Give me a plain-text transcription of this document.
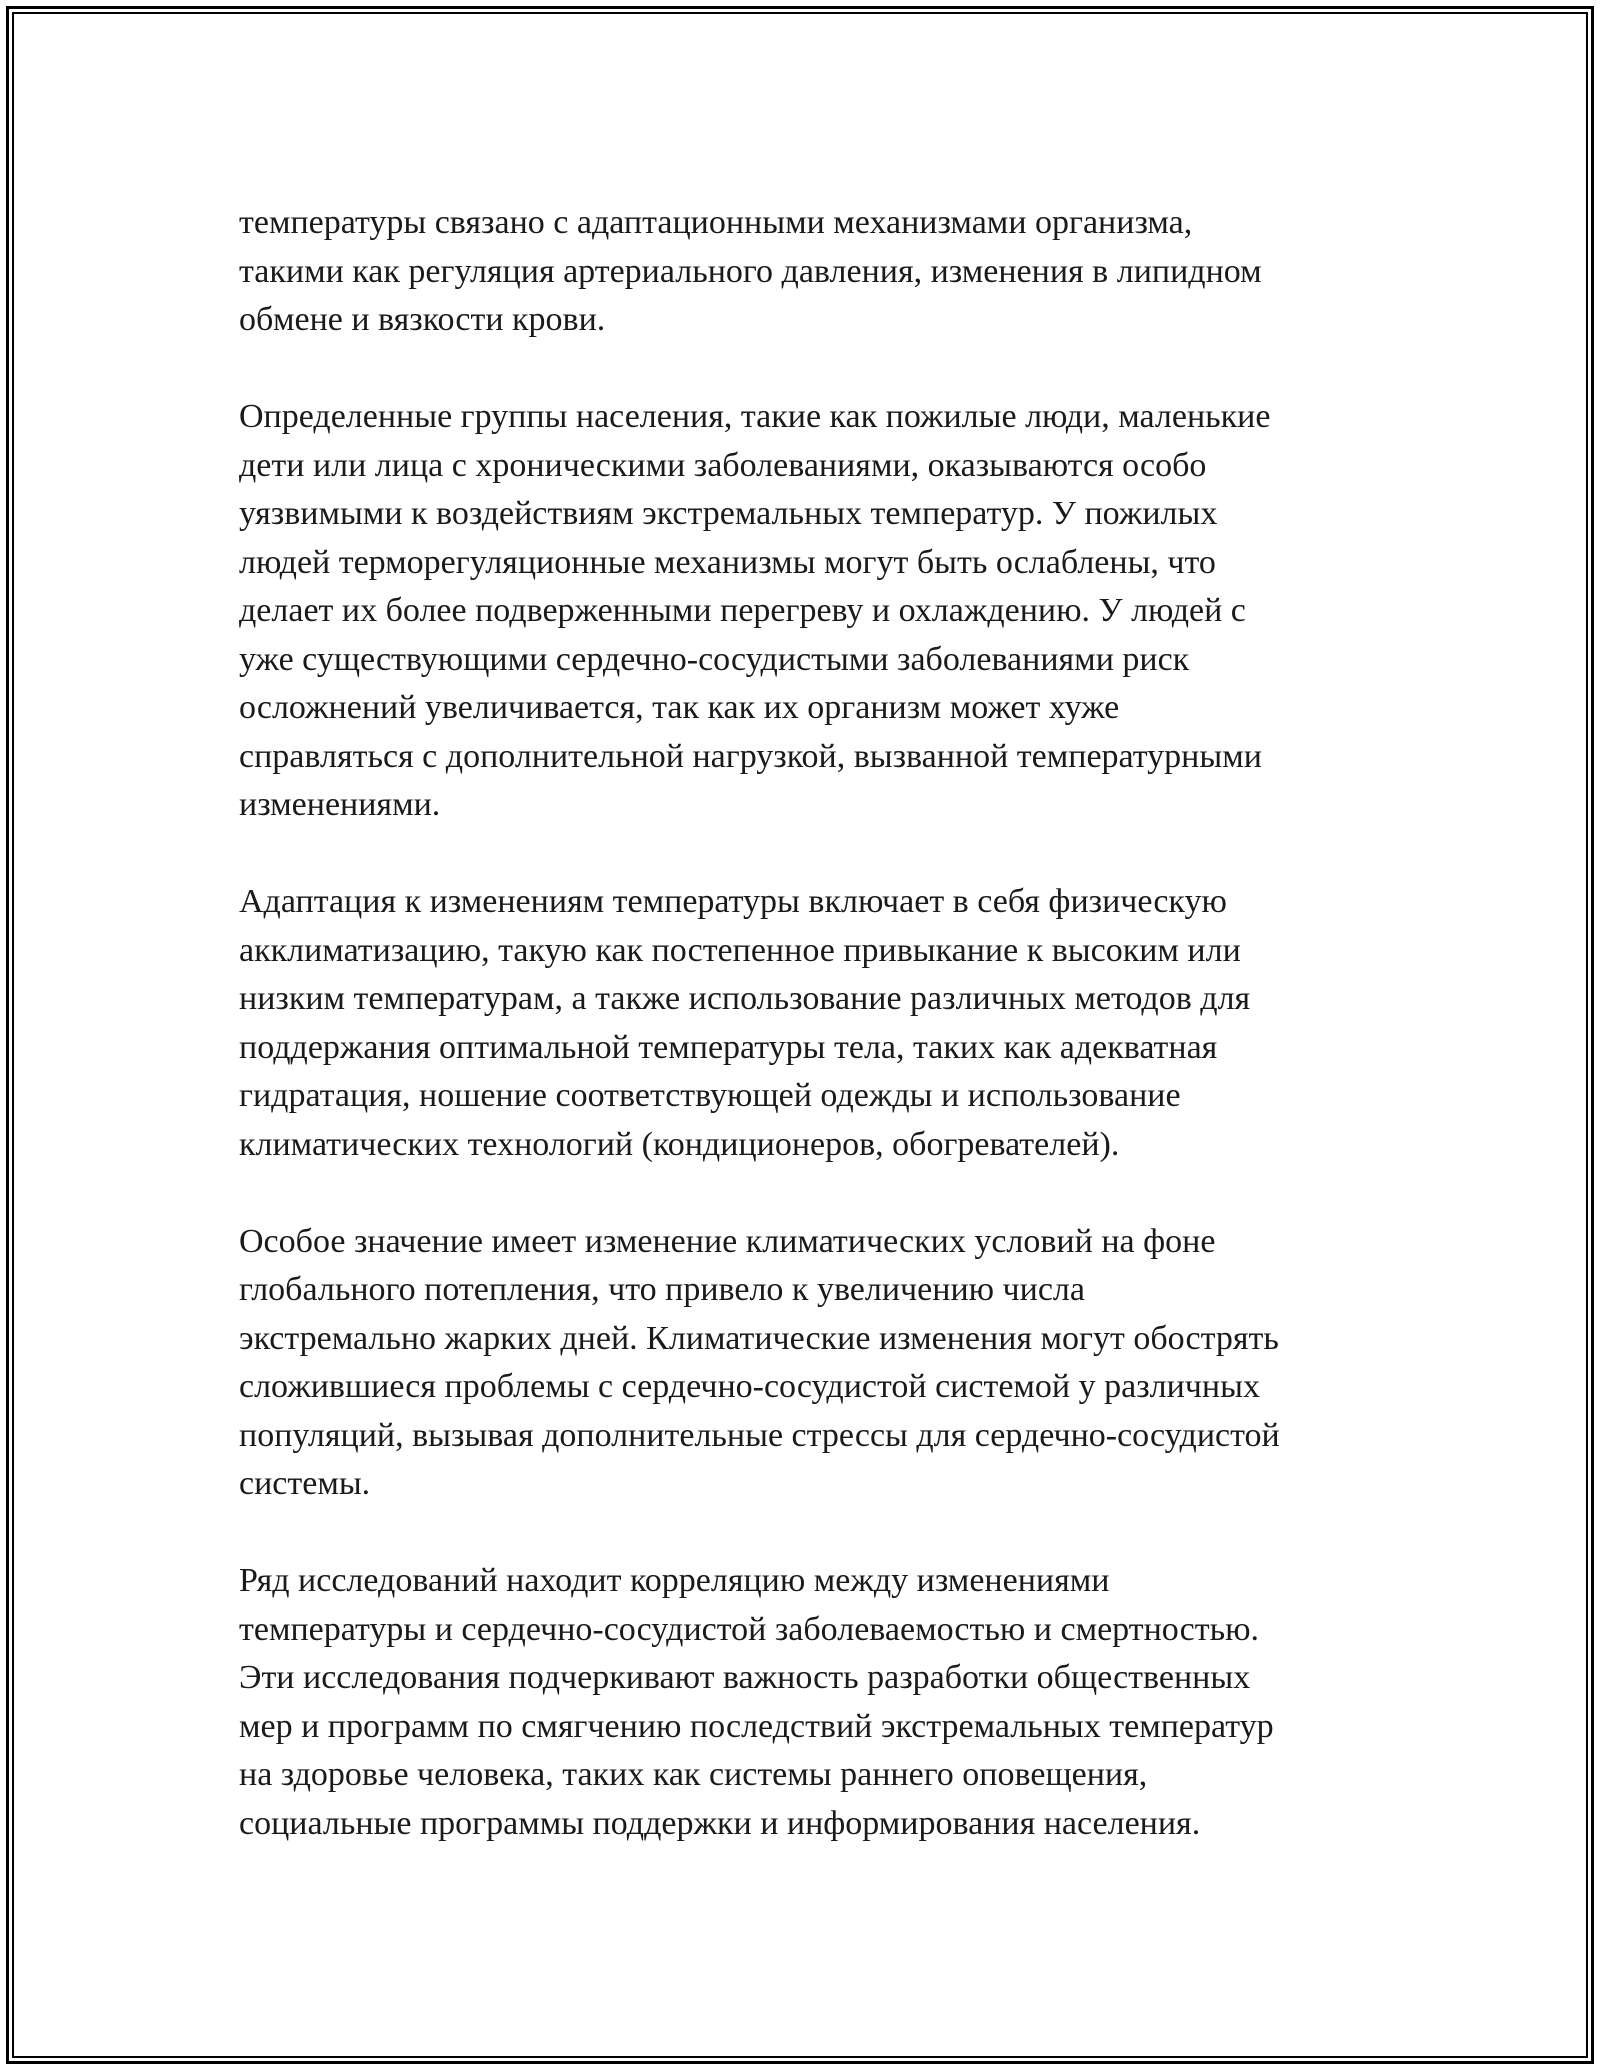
температуры связано с адаптационными механизмами организма,
такими как регуляция артериального давления, изменения в липидном
обмене и вязкости крови.

Определенные группы населения, такие как пожилые люди, маленькие
дети или лица с хроническими заболеваниями, оказываются особо
уязвимыми к воздействиям экстремальных температур. У пожилых
людей терморегуляционные механизмы могут быть ослаблены, что
делает их более подверженными перегреву и охлаждению. У людей с
уже существующими сердечно-сосудистыми заболеваниями риск
осложнений увеличивается, так как их организм может хуже
справляться с дополнительной нагрузкой, вызванной температурными
изменениями.

Адаптация к изменениям температуры включает в себя физическую
акклиматизацию, такую как постепенное привыкание к высоким или
низким температурам, а также использование различных методов для
поддержания оптимальной температуры тела, таких как адекватная
гидратация, ношение соответствующей одежды и использование
климатических технологий (кондиционеров, обогревателей).

Особое значение имеет изменение климатических условий на фоне
глобального потепления, что привело к увеличению числа
экстремально жарких дней. Климатические изменения могут обострять
сложившиеся проблемы с сердечно-сосудистой системой у различных
популяций, вызывая дополнительные стрессы для сердечно-сосудистой
системы.

Ряд исследований находит корреляцию между изменениями
температуры и сердечно-сосудистой заболеваемостью и смертностью.
Эти исследования подчеркивают важность разработки общественных
мер и программ по смягчению последствий экстремальных температур
на здоровье человека, таких как системы раннего оповещения,
социальные программы поддержки и информирования населения.
